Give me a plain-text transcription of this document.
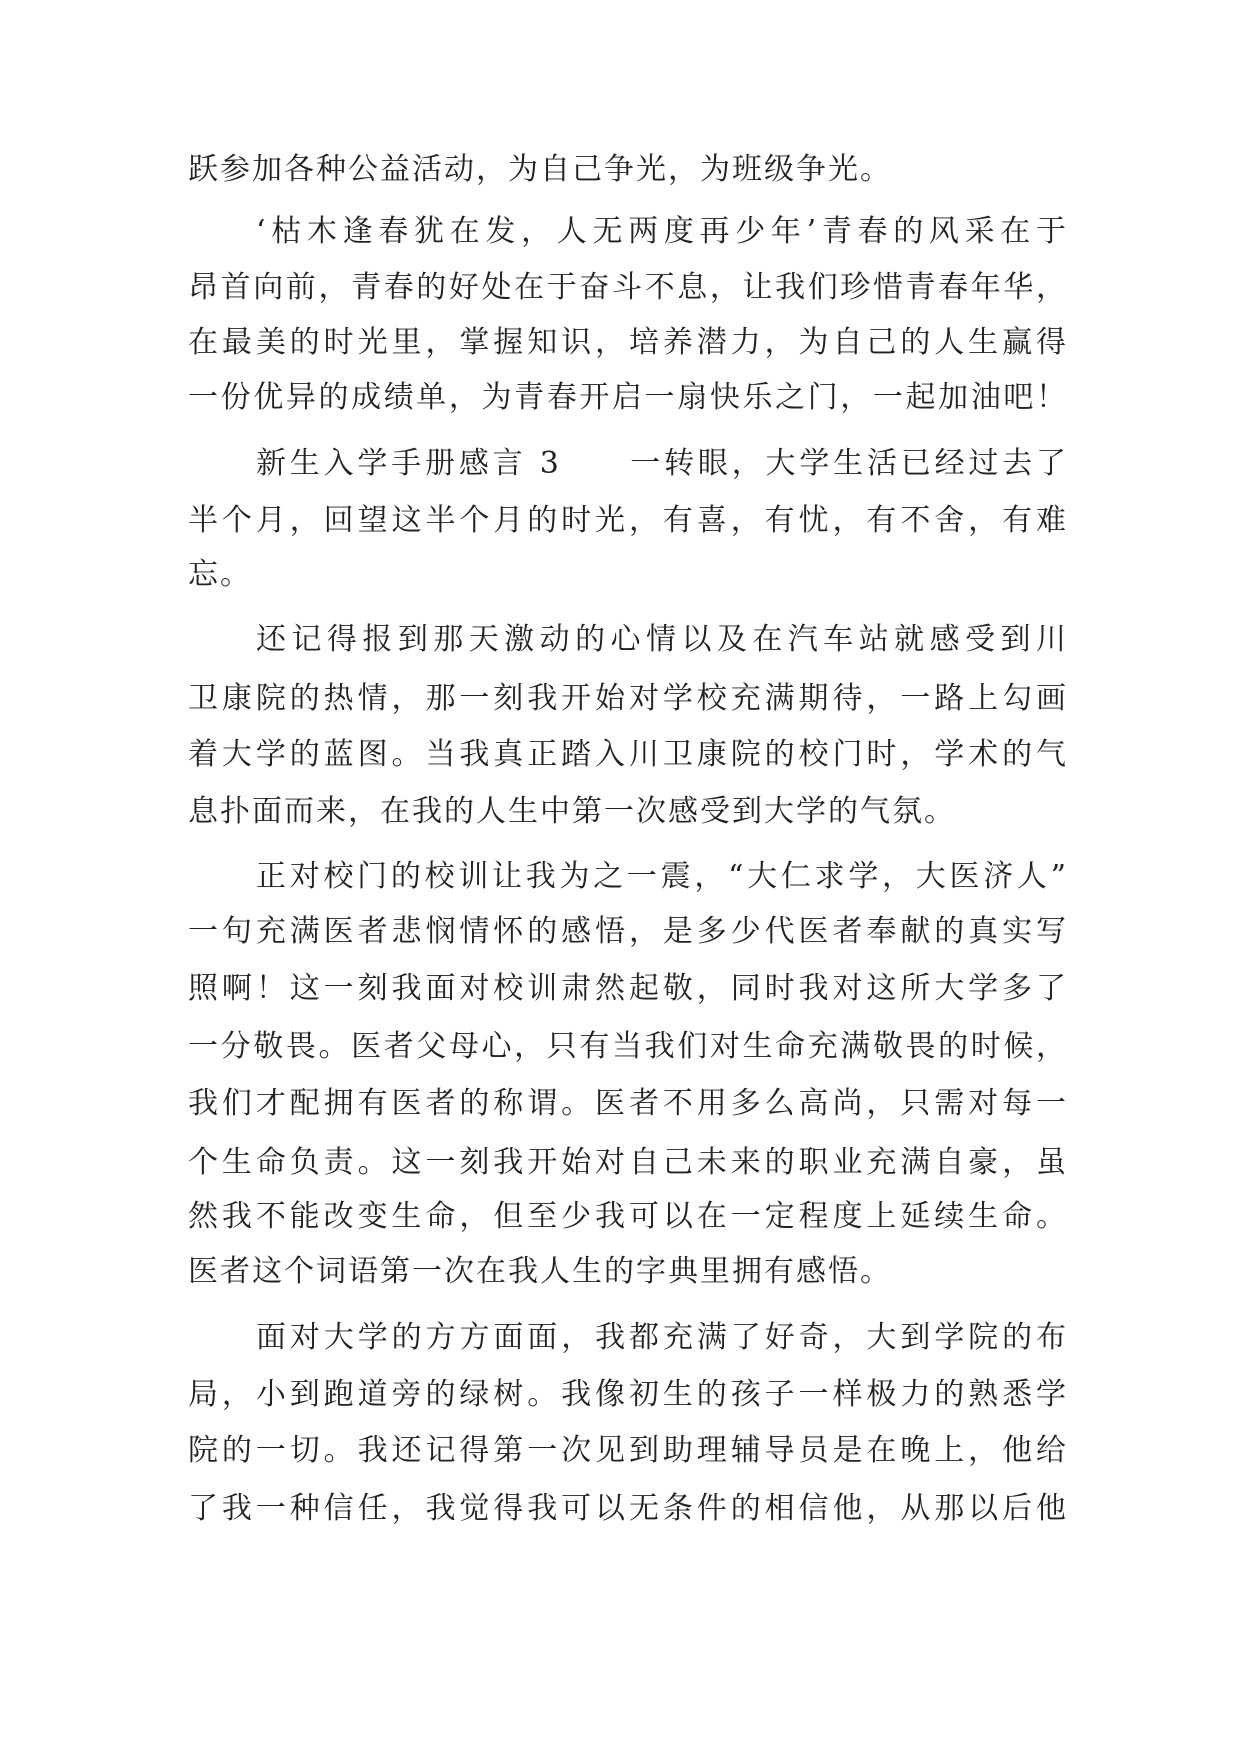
跃参加各种公益活动，为自己争光，为班级争光。
‘枯木逢春犹在发，人无两度再少年’青春的风采在于
昂首向前，青春的好处在于奋斗不息，让我们珍惜青春年华，
在最美的时光里，掌握知识，培养潜力，为自己的人生赢得
一份优异的成绩单，为青春开启一扇快乐之门，一起加油吧！
新生入学手册感言 3　　一转眼，大学生活已经过去了
半个月，回望这半个月的时光，有喜，有忧，有不舍，有难
忘。
还记得报到那天激动的心情以及在汽车站就感受到川
卫康院的热情，那一刻我开始对学校充满期待，一路上勾画
着大学的蓝图。当我真正踏入川卫康院的校门时，学术的气
息扑面而来，在我的人生中第一次感受到大学的气氛。
正对校门的校训让我为之一震，“大仁求学，大医济人”
一句充满医者悲悯情怀的感悟，是多少代医者奉献的真实写
照啊！这一刻我面对校训肃然起敬，同时我对这所大学多了
一分敬畏。医者父母心，只有当我们对生命充满敬畏的时候，
我们才配拥有医者的称谓。医者不用多么高尚，只需对每一
个生命负责。这一刻我开始对自己未来的职业充满自豪，虽
然我不能改变生命，但至少我可以在一定程度上延续生命。
医者这个词语第一次在我人生的字典里拥有感悟。
面对大学的方方面面，我都充满了好奇，大到学院的布
局，小到跑道旁的绿树。我像初生的孩子一样极力的熟悉学
院的一切。我还记得第一次见到助理辅导员是在晚上，他给
了我一种信任，我觉得我可以无条件的相信他，从那以后他
